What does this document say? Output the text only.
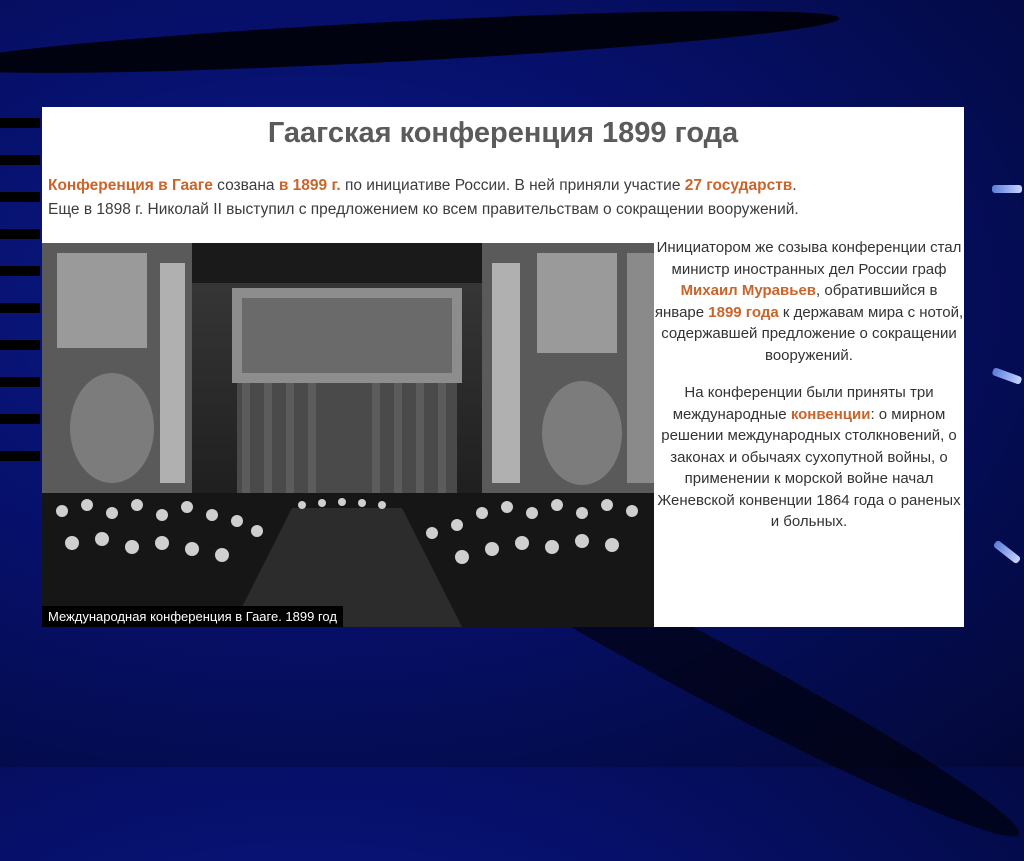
Гаагская конференция 1899 года
Конференция в Гааге созвана в 1899 г. по инициативе России. В ней приняли участие 27 государств.
Еще в 1898 г. Николай II выступил с предложением ко всем правительствам о сокращении вооружений.
Международная конференция в Гааге. 1899 год

Инициатором же созыва конференции стал министр иностранных дел России граф Михаил Муравьев, обратившийся в январе 1899 года к державам мира с нотой, содержавшей предложение о сокращении вооружений.

На конференции были приняты три международные конвенции: о мирном решении международных столкновений, о законах и обычаях сухопутной войны, о применении к морской войне начал Женевской конвенции 1864 года о раненых и больных.
